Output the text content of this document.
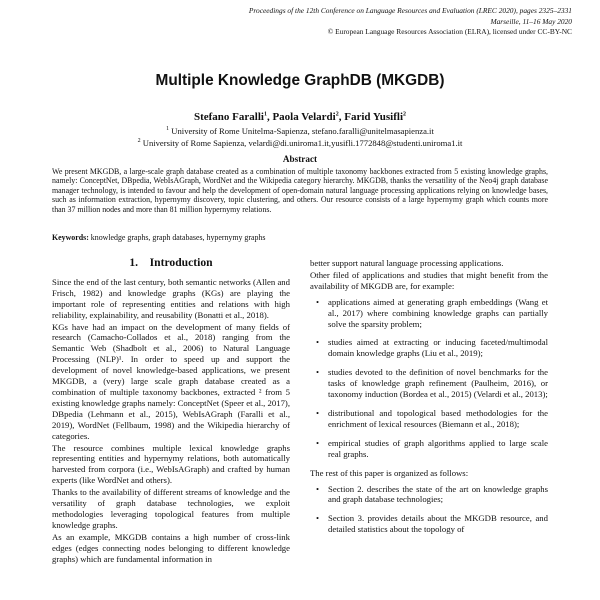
Proceedings of the 12th Conference on Language Resources and Evaluation (LREC 2020), pages 2325–2331
Marseille, 11–16 May 2020
© European Language Resources Association (ELRA), licensed under CC-BY-NC
Multiple Knowledge GraphDB (MKGDB)
Stefano Faralli$^1$, Paola Velardi$^2$, Farid Yusifli$^2$
$^1$ University of Rome Unitelma-Sapienza, stefano.faralli@unitelmasapienza.it
$^2$ University of Rome Sapienza, velardi@di.uniroma1.it,yusifli.1772848@studenti.uniroma1.it
Abstract
We present MKGDB, a large-scale graph database created as a combination of multiple taxonomy backbones extracted from 5 existing knowledge graphs, namely: ConceptNet, DBpedia, WebIsAGraph, WordNet and the Wikipedia category hierarchy. MKGDB, thanks the versatility of the Neo4j graph database manager technology, is intended to favour and help the development of open-domain natural language processing applications relying on knowledge bases, such as information extraction, hypernymy discovery, topic clustering, and others. Our resource consists of a large hypernymy graph which counts more than 37 million nodes and more than 81 million hypernymy relations.
Keywords: knowledge graphs, graph databases, hypernymy graphs
1. Introduction

Since the end of the last century, both semantic networks (Allen and Frisch, 1982) and knowledge graphs (KGs) are playing the important role of representing entities and relations with high reliability, explainability, and reusability (Bonatti et al., 2018).

KGs have had an impact on the development of many fields of research (Camacho-Collados et al., 2018) ranging from the Semantic Web (Shadbolt et al., 2006) to Natural Language Processing (NLP)¹. In order to speed up and support the development of novel knowledge-based applications, we present MKGDB, a (very) large scale graph database created as a combination of multiple taxonomy backbones, extracted ² from 5 existing knowledge graphs namely: ConceptNet (Speer et al., 2017), DBpedia (Lehmann et al., 2015), WebIsAGraph (Faralli et al., 2019), WordNet (Fellbaum, 1998) and the Wikipedia hierarchy of categories.

The resource combines multiple lexical knowledge graphs representing entities and hypernymy relations, both automatically harvested from corpora (i.e., WebIsAGraph) and crafted by human experts (like WordNet and others).

Thanks to the availability of different streams of knowledge and the versatility of graph database technologies, we exploit methodologies leveraging topological features from multiple knowledge graphs.

As an example, MKGDB contains a high number of cross-link edges (edges connecting nodes belonging to different knowledge graphs) which are fundamental information in

better support natural language processing applications.

Other filed of applications and studies that might benefit from the availability of MKGDB are, for example:

• applications aimed at generating graph embeddings (Wang et al., 2017) where combining knowledge graphs can partially solve the sparsity problem;
• studies aimed at extracting or inducing faceted/multimodal domain knowledge graphs (Liu et al., 2019);
• studies devoted to the definition of novel benchmarks for the tasks of knowledge graph refinement (Paulheim, 2016), or taxonomy induction (Bordea et al., 2015) (Velardi et al., 2013);
• distributional and topological based methodologies for the enrichment of lexical resources (Biemann et al., 2018);
• empirical studies of graph algorithms applied to large scale real graphs.

The rest of this paper is organized as follows:

• Section 2. describes the state of the art on knowledge graphs and graph database technologies;
• Section 3. provides details about the MKGDB resource, and detailed statistics about the topology of
